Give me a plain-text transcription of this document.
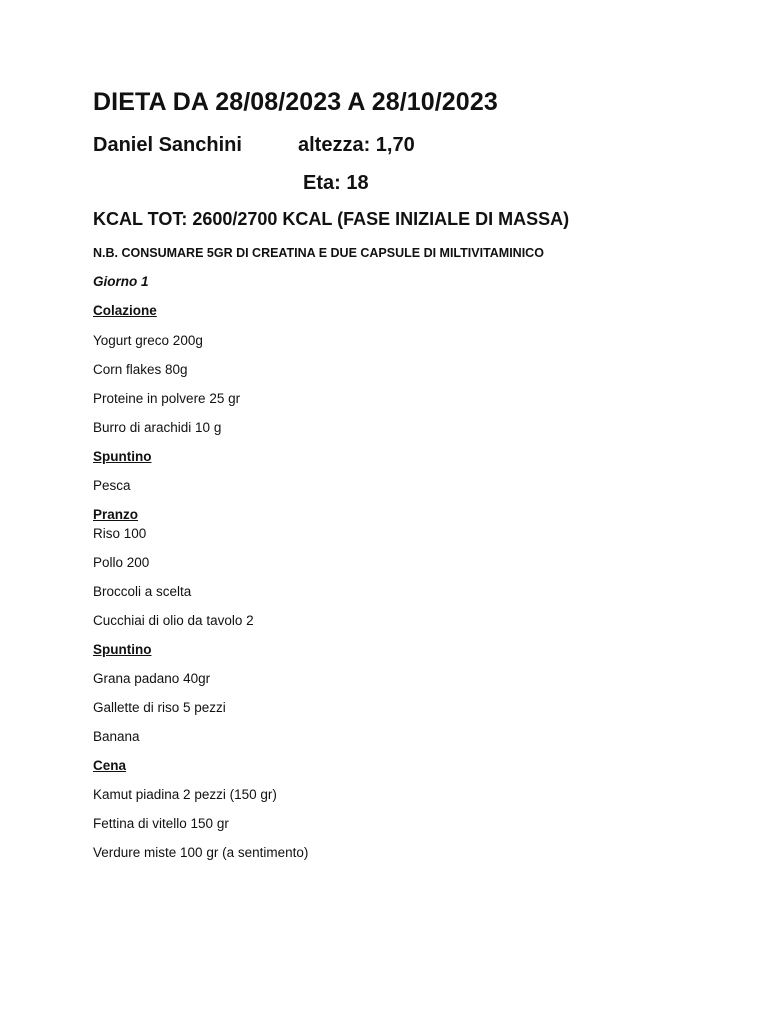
DIETA DA 28/08/2023 A 28/10/2023
Daniel Sanchini	altezza: 1,70
Eta: 18
KCAL TOT: 2600/2700 KCAL (FASE INIZIALE DI MASSA)
N.B. CONSUMARE 5GR DI CREATINA E DUE CAPSULE DI MILTIVITAMINICO
Giorno 1
Colazione
Yogurt greco 200g
Corn flakes 80g
Proteine in polvere 25 gr
Burro di arachidi 10 g
Spuntino
Pesca
Pranzo
Riso 100
Pollo 200
Broccoli a scelta
Cucchiai di olio da tavolo 2
Spuntino
Grana padano 40gr
Gallette di riso 5 pezzi
Banana
Cena
Kamut piadina 2 pezzi (150 gr)
Fettina di vitello 150 gr
Verdure miste 100 gr (a sentimento)
